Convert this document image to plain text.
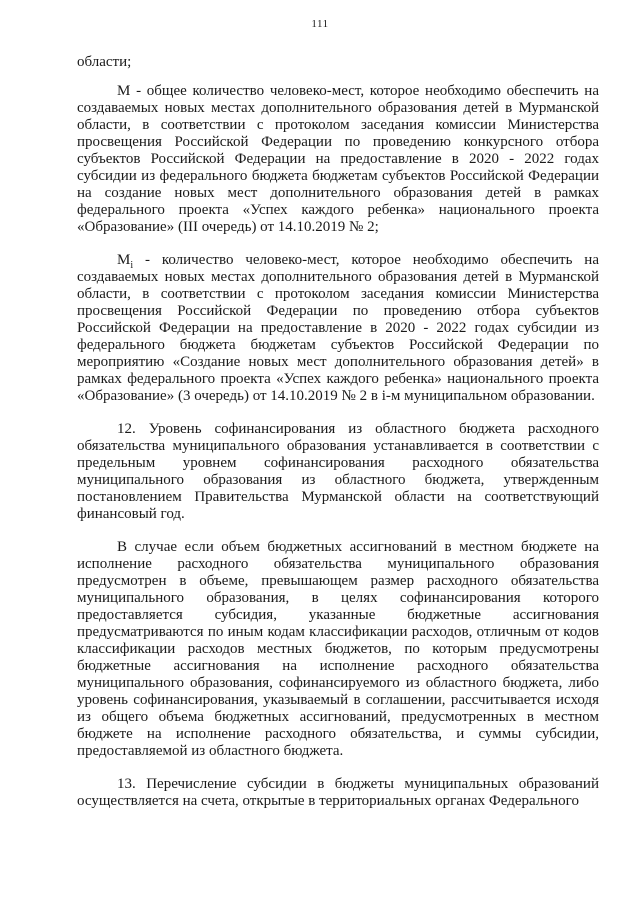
111

области;

М - общее количество человеко-мест, которое необходимо обеспечить на создаваемых новых местах дополнительного образования детей в Мурманской области, в соответствии с протоколом заседания комиссии Министерства просвещения Российской Федерации по проведению конкурсного отбора субъектов Российской Федерации на предоставление в 2020 - 2022 годах субсидии из федерального бюджета бюджетам субъектов Российской Федерации на создание новых мест дополнительного образования детей в рамках федерального проекта «Успех каждого ребенка» национального проекта «Образование» (III очередь) от 14.10.2019 № 2;

$М_i$ - количество человеко-мест, которое необходимо обеспечить на создаваемых новых местах дополнительного образования детей в Мурманской области, в соответствии с протоколом заседания комиссии Министерства просвещения Российской Федерации по проведению отбора субъектов Российской Федерации на предоставление в 2020 - 2022 годах субсидии из федерального бюджета бюджетам субъектов Российской Федерации по мероприятию «Создание новых мест дополнительного образования детей» в рамках федерального проекта «Успех каждого ребенка» национального проекта «Образование» (3 очередь) от 14.10.2019 № 2 в i-м муниципальном образовании.

12. Уровень софинансирования из областного бюджета расходного обязательства муниципального образования устанавливается в соответствии с предельным уровнем софинансирования расходного обязательства муниципального образования из областного бюджета, утвержденным постановлением Правительства Мурманской области на соответствующий финансовый год.

В случае если объем бюджетных ассигнований в местном бюджете на исполнение расходного обязательства муниципального образования предусмотрен в объеме, превышающем размер расходного обязательства муниципального образования, в целях софинансирования которого предоставляется субсидия, указанные бюджетные ассигнования предусматриваются по иным кодам классификации расходов, отличным от кодов классификации расходов местных бюджетов, по которым предусмотрены бюджетные ассигнования на исполнение расходного обязательства муниципального образования, софинансируемого из областного бюджета, либо уровень софинансирования, указываемый в соглашении, рассчитывается исходя из общего объема бюджетных ассигнований, предусмотренных в местном бюджете на исполнение расходного обязательства, и суммы субсидии, предоставляемой из областного бюджета.

13. Перечисление субсидии в бюджеты муниципальных образований осуществляется на счета, открытые в территориальных органах Федерального
